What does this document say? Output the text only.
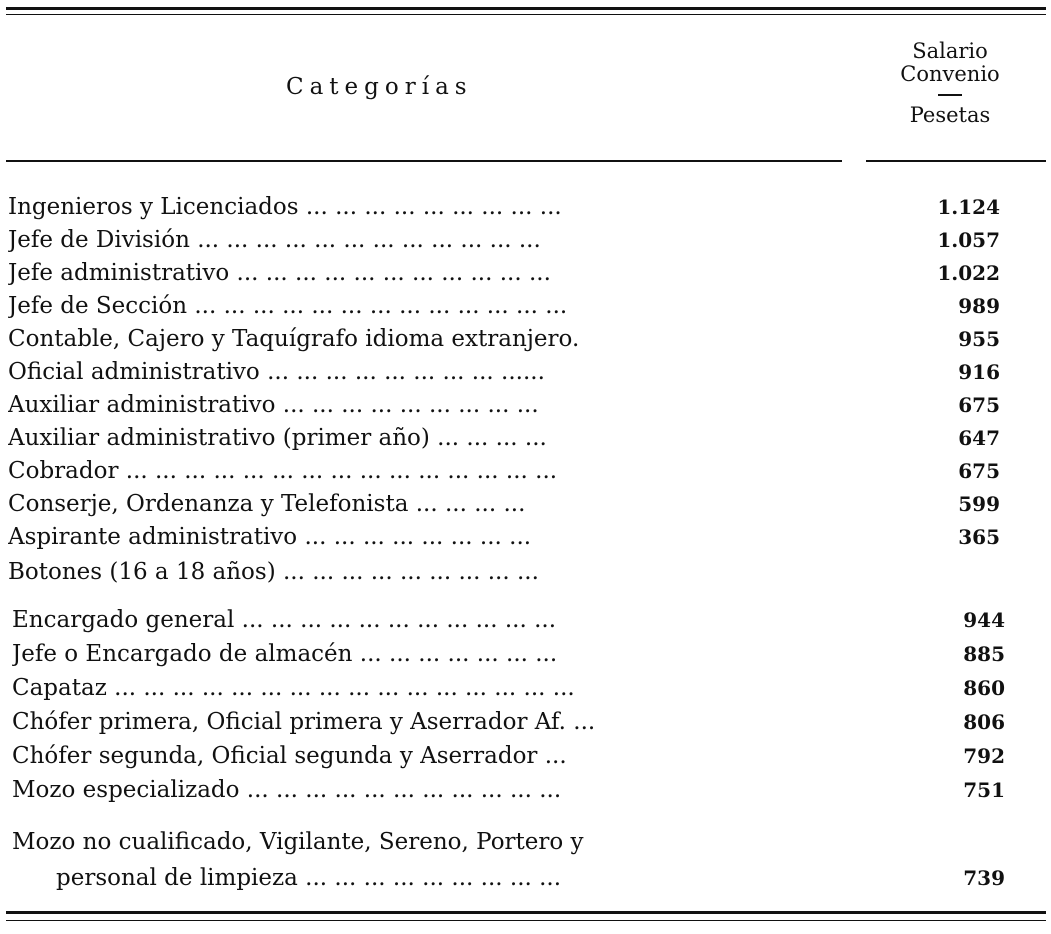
Categorías
Salario
Convenio
Pesetas
Ingenieros y Licenciados ... ... ... ... ... ... ... ... ...	1.124
Jefe de División ... ... ... ... ... ... ... ... ... ... ... ...	1.057
Jefe administrativo ... ... ... ... ... ... ... ... ... ... ...	1.022
Jefe de Sección ... ... ... ... ... ... ... ... ... ... ... ... ...	989
Contable, Cajero y Taquígrafo idioma extranjero.	955
Oficial administrativo ... ... ... ... ... ... ... ... ......	916
Auxiliar administrativo ... ... ... ... ... ... ... ... ...	675
Auxiliar administrativo (primer año) ... ... ... ...	647
Cobrador ... ... ... ... ... ... ... ... ... ... ... ... ... ... ...	675
Conserje, Ordenanza y Telefonista ... ... ... ...	599
Aspirante administrativo ... ... ... ... ... ... ... ...	365
Botones (16 a 18 años) ... ... ... ... ... ... ... ... ...
Encargado general ... ... ... ... ... ... ... ... ... ... ...	944
Jefe o Encargado de almacén ... ... ... ... ... ... ...	885
Capataz ... ... ... ... ... ... ... ... ... ... ... ... ... ... ... ...	860
Chófer primera, Oficial primera y Aserrador Af. ...	806
Chófer segunda, Oficial segunda y Aserrador ...	792
Mozo especializado ... ... ... ... ... ... ... ... ... ... ...	751
Mozo no cualificado, Vigilante, Sereno, Portero y
personal de limpieza ... ... ... ... ... ... ... ... ...	739
